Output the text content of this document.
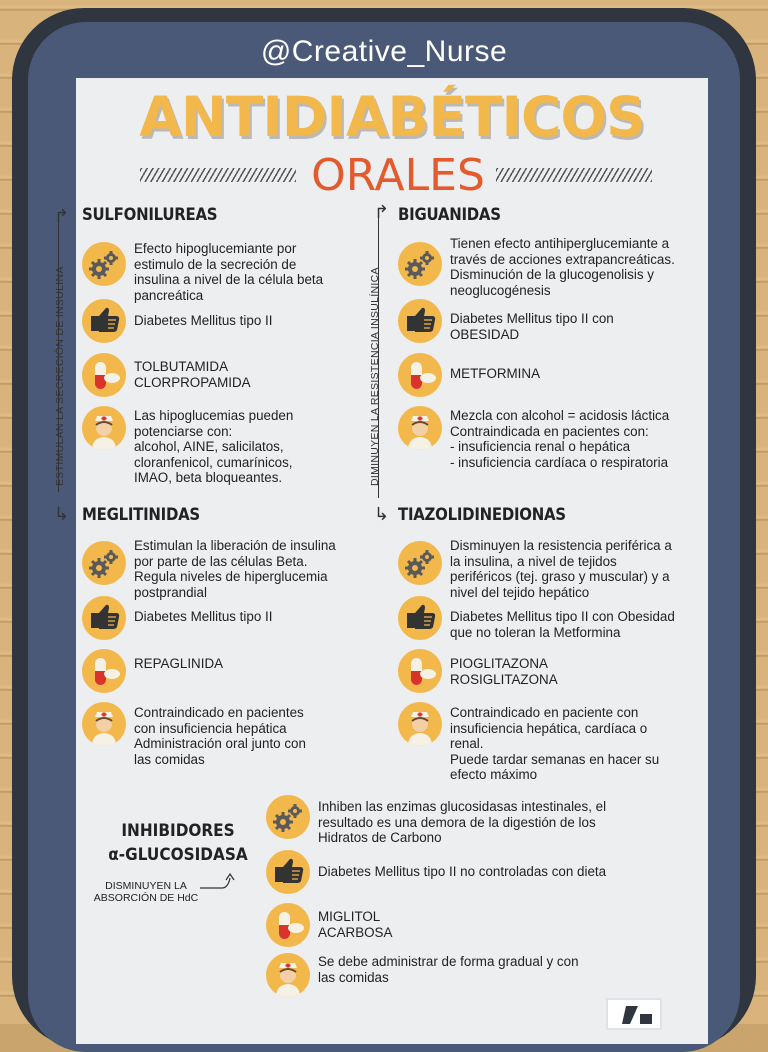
@Creative_Nurse
ANTIDIABÉTICOS
ORALES
ESTIMULAN LA SECRECIÓN DE INSULINA	DIMINUYEN LA RESISTENCIA INSULÍNICA
↱
↳
↱
↳
SULFONILUREAS
Efecto hipoglucemiante por
estimulo de la secreción de
insulina a nivel de la célula beta
pancreática
Diabetes Mellitus tipo II
TOLBUTAMIDA
CLORPROPAMIDA
Las hipoglucemias pueden
potenciarse con:
alcohol, AINE, salicilatos,
cloranfenicol, cumarínicos,
IMAO, beta bloqueantes.
BIGUANIDAS
Tienen efecto antihiperglucemiante a
través de acciones extrapancreáticas.
Disminución de la glucogenolisis y
neoglucogénesis
Diabetes Mellitus tipo II con
OBESIDAD
METFORMINA
Mezcla con alcohol = acidosis láctica
Contraindicada en pacientes con:
- insuficiencia renal o hepática
- insuficiencia cardíaca o respiratoria
MEGLITINIDAS
Estimulan la liberación de insulina
por parte de las células Beta.
Regula niveles de hiperglucemia
postprandial
Diabetes Mellitus tipo II
REPAGLINIDA
Contraindicado en pacientes
con insuficiencia hepática
Administración oral junto con
las comidas
TIAZOLIDINEDIONAS
Disminuyen la resistencia periférica a
la insulina, a nivel de tejidos
periféricos (tej. graso y muscular) y a
nivel del tejido hepático
Diabetes Mellitus tipo II con Obesidad
que no toleran la Metformina
PIOGLITAZONA
ROSIGLITAZONA
Contraindicado en paciente con
insuficiencia hepática, cardíaca o
renal.
Puede tardar semanas en hacer su
efecto máximo
INHIBIDORES
α-GLUCOSIDASA
DISMINUYEN LA
ABSORCIÓN DE HdC
Inhiben las enzimas glucosidasas intestinales, el
resultado es una demora de la digestión de los
Hidratos de Carbono
Diabetes Mellitus tipo II no controladas con dieta
MIGLITOL
ACARBOSA
Se debe administrar de forma gradual y con
las comidas
